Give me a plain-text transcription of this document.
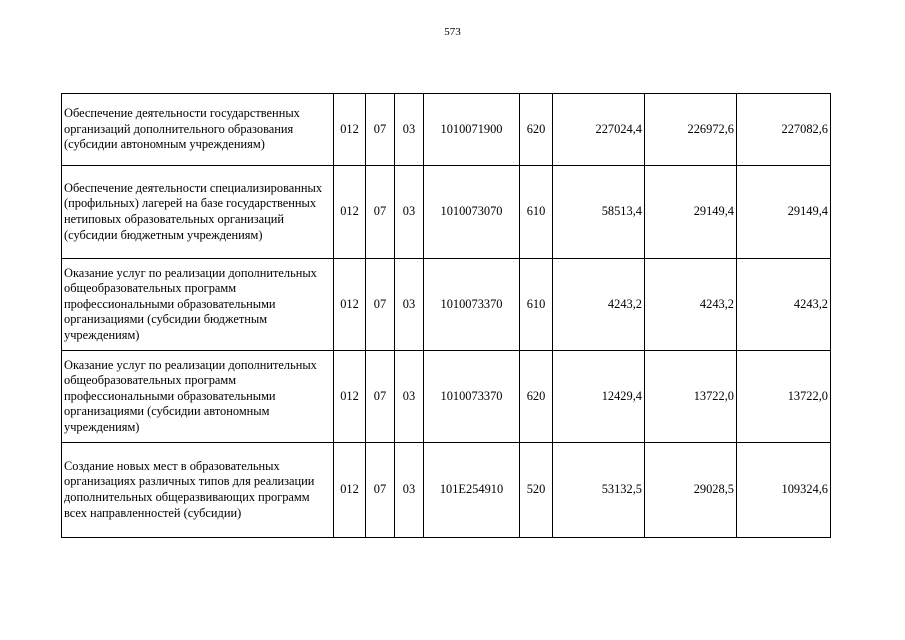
573
Обеспечение деятельности государственных организаций дополнительного образования (субсидии автономным учреждениям)	012	07	03	1010071900	620	227024,4	226972,6	227082,6
Обеспечение деятельности специализированных (профильных) лагерей на базе государственных нетиповых образовательных организаций (субсидии бюджетным учреждениям)	012	07	03	1010073070	610	58513,4	29149,4	29149,4
Оказание услуг по реализации дополнительных общеобразовательных программ профессиональными образовательными организациями (субсидии бюджетным учреждениям)	012	07	03	1010073370	610	4243,2	4243,2	4243,2
Оказание услуг по реализации дополнительных общеобразовательных программ профессиональными образовательными организациями (субсидии автономным учреждениям)	012	07	03	1010073370	620	12429,4	13722,0	13722,0
Создание новых мест в образовательных организациях различных типов для реализации дополнительных общеразвивающих программ всех направленностей (субсидии)	012	07	03	101E254910	520	53132,5	29028,5	109324,6
